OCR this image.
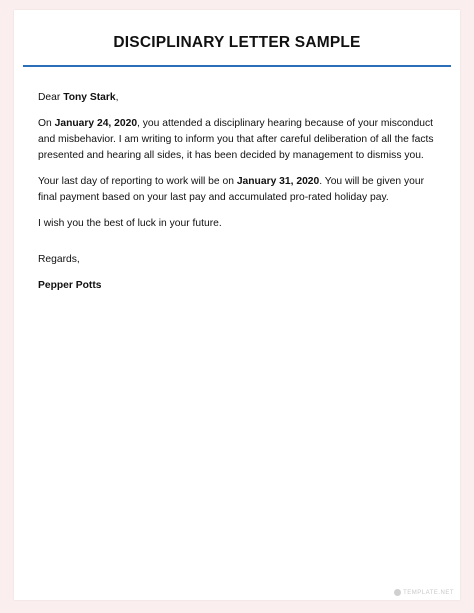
DISCIPLINARY LETTER SAMPLE

Dear Tony Stark,

On January 24, 2020, you attended a disciplinary hearing because of your misconduct and misbehavior. I am writing to inform you that after careful deliberation of all the facts presented and hearing all sides, it has been decided by management to dismiss you.

Your last day of reporting to work will be on January 31, 2020. You will be given your final payment based on your last pay and accumulated pro-rated holiday pay.

I wish you the best of luck in your future.

Regards,

Pepper Potts

TEMPLATE.NET
